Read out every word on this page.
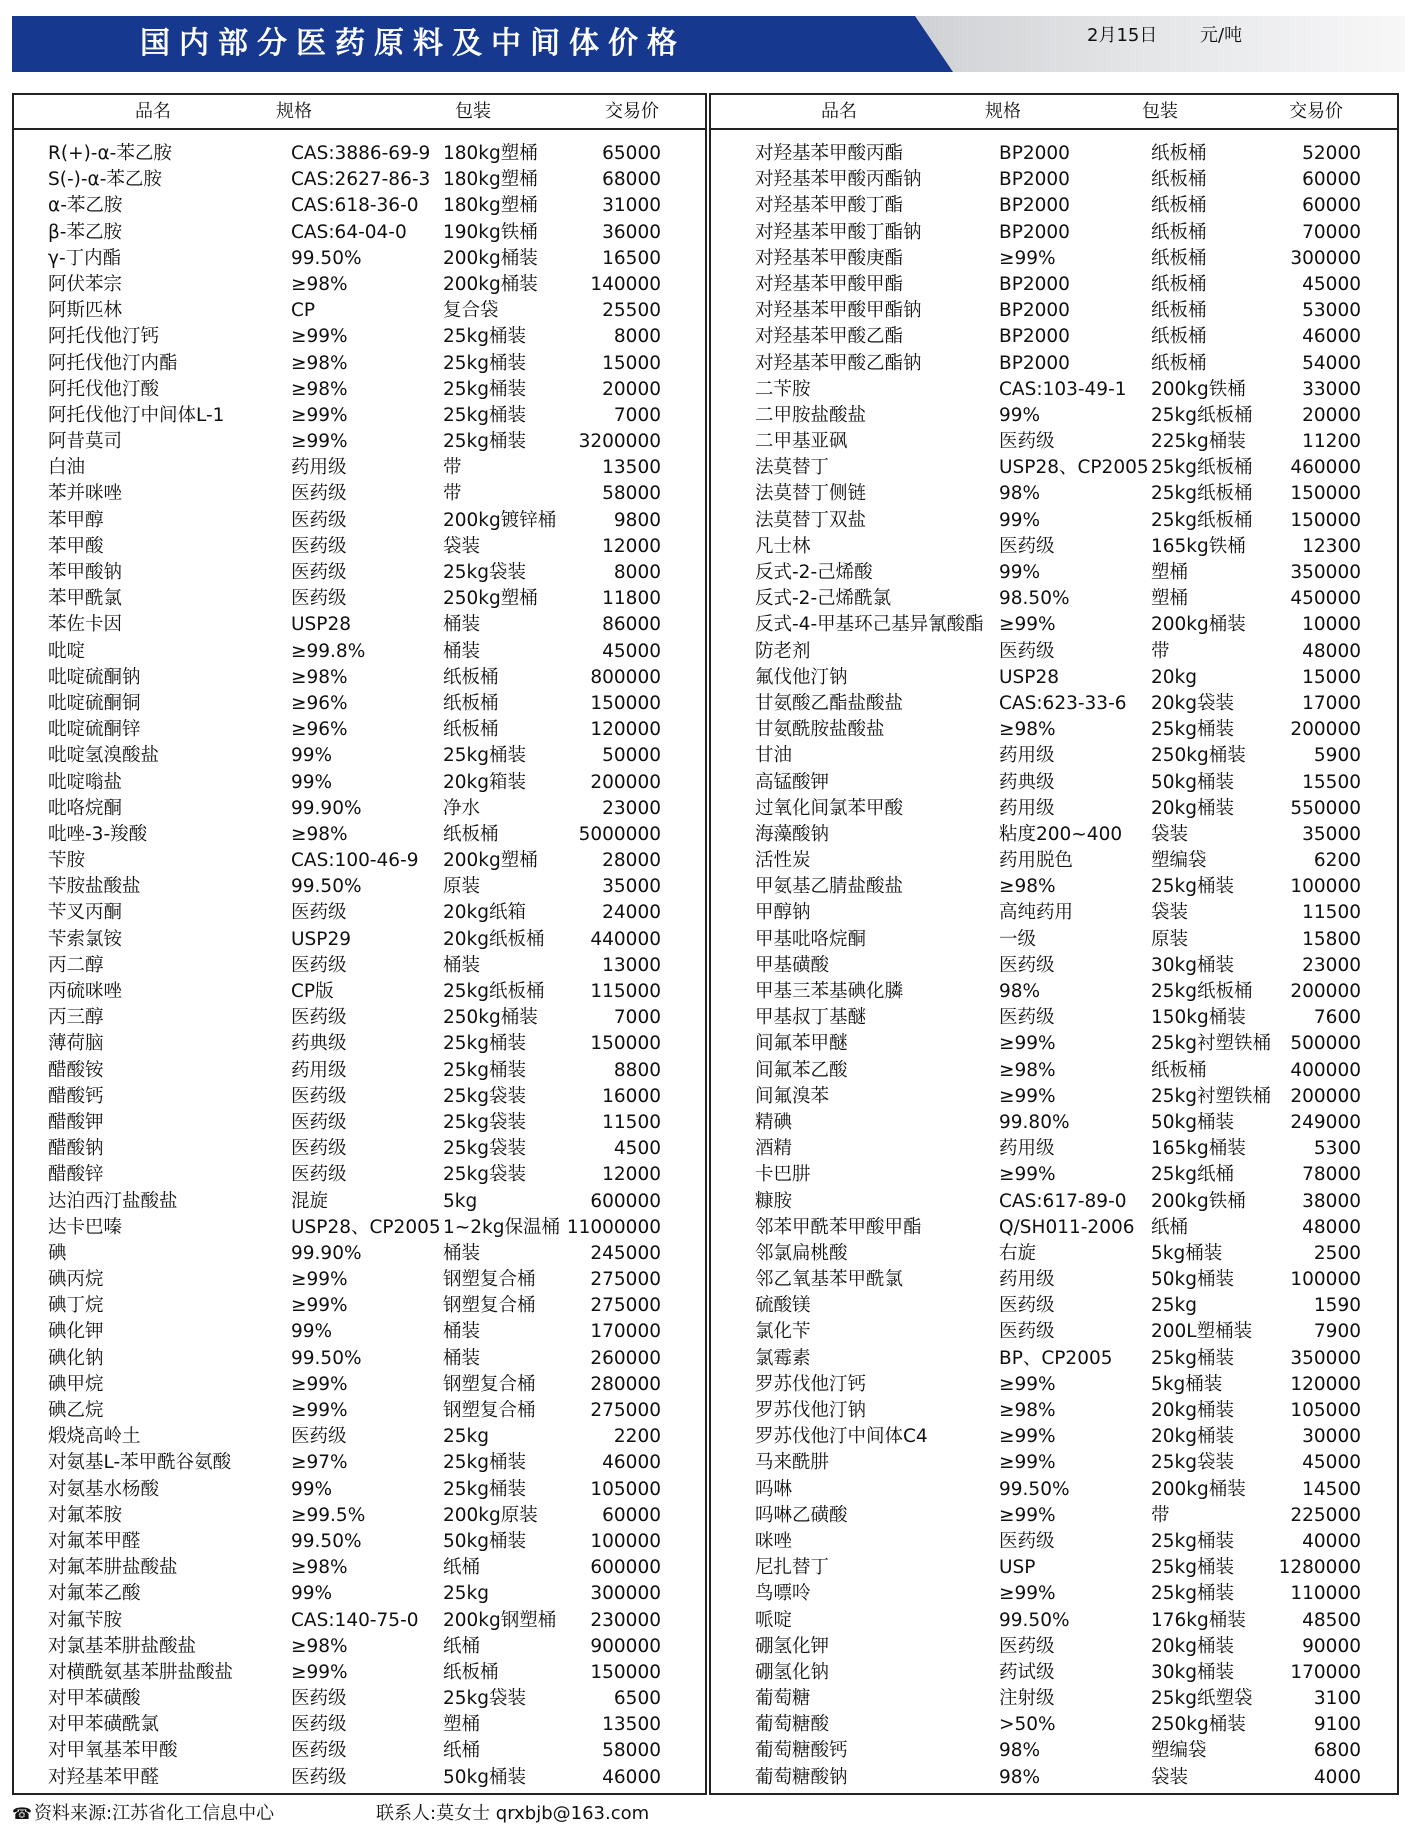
国内部分医药原料及中间体价格	2月15日 元/吨
品名	规格	包装	交易价
R(+)-α-苯乙胺	CAS:3886-69-9 180kg塑桶	65000
S(-)-α-苯乙胺	CAS:2627-86-3 180kg塑桶	68000
α-苯乙胺	CAS:618-36-0 180kg塑桶	31000
β-苯乙胺	CAS:64-04-0 190kg铁桶	36000
γ-丁内酯	99.50%	200kg桶装	16500
阿伏苯宗	≥98%	200kg桶装	140000
阿斯匹林	CP	复合袋	25500
阿托伐他汀钙	≥99%	25kg桶装	8000
阿托伐他汀内酯	≥98%	25kg桶装	15000
阿托伐他汀酸	≥98%	25kg桶装	20000
阿托伐他汀中间体L-1	≥99%	25kg桶装	7000
阿昔莫司	≥99%	25kg桶装	3200000
白油	药用级	带	13500
苯并咪唑	医药级	带	58000
苯甲醇	医药级	200kg镀锌桶	9800
苯甲酸	医药级	袋装	12000
苯甲酸钠	医药级	25kg袋装	8000
苯甲酰氯	医药级	250kg塑桶	11800
苯佐卡因	USP28	桶装	86000
吡啶	≥99.8%	桶装	45000
吡啶硫酮钠	≥98%	纸板桶	800000
吡啶硫酮铜	≥96%	纸板桶	150000
吡啶硫酮锌	≥96%	纸板桶	120000
吡啶氢溴酸盐	99%	25kg桶装	50000
吡啶嗡盐	99%	20kg箱装	200000
吡咯烷酮	99.90%	净水	23000
吡唑-3-羧酸	≥98%	纸板桶	5000000
苄胺	CAS:100-46-9 200kg塑桶	28000
苄胺盐酸盐	99.50%	原装	35000
苄叉丙酮	医药级	20kg纸箱	24000
苄索氯铵	USP29	20kg纸板桶 440000
丙二醇	医药级	桶装	13000
丙硫咪唑	CP版	25kg纸板桶 115000
丙三醇	医药级	250kg桶装	7000
薄荷脑	药典级	25kg桶装	150000
醋酸铵	药用级	25kg桶装	8800
醋酸钙	医药级	25kg袋装	16000
醋酸钾	医药级	25kg袋装	11500
醋酸钠	医药级	25kg袋装	4500
醋酸锌	医药级	25kg袋装	12000
达泊西汀盐酸盐	混旋	5kg	600000
达卡巴嗪	USP28、CP2005 1~2kg保温桶 11000000
碘	99.90%	桶装	245000
碘丙烷	≥99%	钢塑复合桶	275000
碘丁烷	≥99%	钢塑复合桶	275000
碘化钾	99%	桶装	170000
碘化钠	99.50%	桶装	260000
碘甲烷	≥99%	钢塑复合桶	280000
碘乙烷	≥99%	钢塑复合桶	275000
煅烧高岭土	医药级	25kg	2200
对氨基L-苯甲酰谷氨酸	≥97%	25kg桶装	46000
对氨基水杨酸	99%	25kg桶装	105000
对氟苯胺	≥99.5%	200kg原装	60000
对氟苯甲醛	99.50%	50kg桶装	100000
对氟苯肼盐酸盐	≥98%	纸桶	600000
对氟苯乙酸	99%	25kg	300000
对氟苄胺	CAS:140-75-0 200kg钢塑桶 230000
对氯基苯肼盐酸盐	≥98%	纸桶	900000
对横酰氨基苯肼盐酸盐	≥99%	纸板桶	150000
对甲苯磺酸	医药级	25kg袋装	6500
对甲苯磺酰氯	医药级	塑桶	13500
对甲氧基苯甲酸	医药级	纸桶	58000
对羟基苯甲醛	医药级	50kg桶装	46000
品名	规格	包装	交易价
对羟基苯甲酸丙酯	BP2000	纸板桶	52000
对羟基苯甲酸丙酯钠	BP2000	纸板桶	60000
对羟基苯甲酸丁酯	BP2000	纸板桶	60000
对羟基苯甲酸丁酯钠	BP2000	纸板桶	70000
对羟基苯甲酸庚酯	≥99%	纸板桶	300000
对羟基苯甲酸甲酯	BP2000	纸板桶	45000
对羟基苯甲酸甲酯钠	BP2000	纸板桶	53000
对羟基苯甲酸乙酯	BP2000	纸板桶	46000
对羟基苯甲酸乙酯钠	BP2000	纸板桶	54000
二苄胺	CAS:103-49-1 200kg铁桶	33000
二甲胺盐酸盐	99%	25kg纸板桶	20000
二甲基亚砜	医药级	225kg桶装	11200
法莫替丁	USP28、CP2005 25kg纸板桶 460000
法莫替丁侧链	98%	25kg纸板桶 150000
法莫替丁双盐	99%	25kg纸板桶 150000
凡士林	医药级	165kg铁桶	12300
反式-2-己烯酸	99%	塑桶	350000
反式-2-己烯酰氯	98.50%	塑桶	450000
反式-4-甲基环己基异氰酸酯 ≥99%	200kg桶装	10000
防老剂	医药级	带	48000
氟伐他汀钠	USP28	20kg	15000
甘氨酸乙酯盐酸盐	CAS:623-33-6 20kg袋装	17000
甘氨酰胺盐酸盐	≥98%	25kg桶装	200000
甘油	药用级	250kg桶装	5900
高锰酸钾	药典级	50kg桶装	15500
过氧化间氯苯甲酸	药用级	20kg桶装	550000
海藻酸钠	粘度200~400 袋装	35000
活性炭	药用脱色	塑编袋	6200
甲氨基乙腈盐酸盐	≥98%	25kg桶装	100000
甲醇钠	高纯药用	袋装	11500
甲基吡咯烷酮	一级	原装	15800
甲基磺酸	医药级	30kg桶装	23000
甲基三苯基碘化膦	98%	25kg纸板桶 200000
甲基叔丁基醚	医药级	150kg桶装	7600
间氟苯甲醚	≥99%	25kg衬塑铁桶 500000
间氟苯乙酸	≥98%	纸板桶	400000
间氟溴苯	≥99%	25kg衬塑铁桶 200000
精碘	99.80%	50kg桶装	249000
酒精	药用级	165kg桶装	5300
卡巴肼	≥99%	25kg纸桶	78000
糠胺	CAS:617-89-0 200kg铁桶	38000
邻苯甲酰苯甲酸甲酯	Q/SH011-2006 纸桶	48000
邻氯扁桃酸	右旋	5kg桶装	2500
邻乙氧基苯甲酰氯	药用级	50kg桶装	100000
硫酸镁	医药级	25kg	1590
氯化苄	医药级	200L塑桶装	7900
氯霉素	BP、CP2005 25kg桶装	350000
罗苏伐他汀钙	≥99%	5kg桶装	120000
罗苏伐他汀钠	≥98%	20kg桶装	105000
罗苏伐他汀中间体C4	≥99%	20kg桶装	30000
马来酰肼	≥99%	25kg袋装	45000
吗啉	99.50%	200kg桶装	14500
吗啉乙磺酸	≥99%	带	225000
咪唑	医药级	25kg桶装	40000
尼扎替丁	USP	25kg桶装 1280000
鸟嘌呤	≥99%	25kg桶装	110000
哌啶	99.50%	176kg桶装	48500
硼氢化钾	医药级	20kg桶装	90000
硼氢化钠	药试级	30kg桶装	170000
葡萄糖	注射级	25kg纸塑袋	3100
葡萄糖酸	>50%	250kg桶装	9100
葡萄糖酸钙	98%	塑编袋	6800
葡萄糖酸钠	98%	袋装	4000
☎ 资料来源:江苏省化工信息中心	联系人:莫女士 qrxbjb@163.com
